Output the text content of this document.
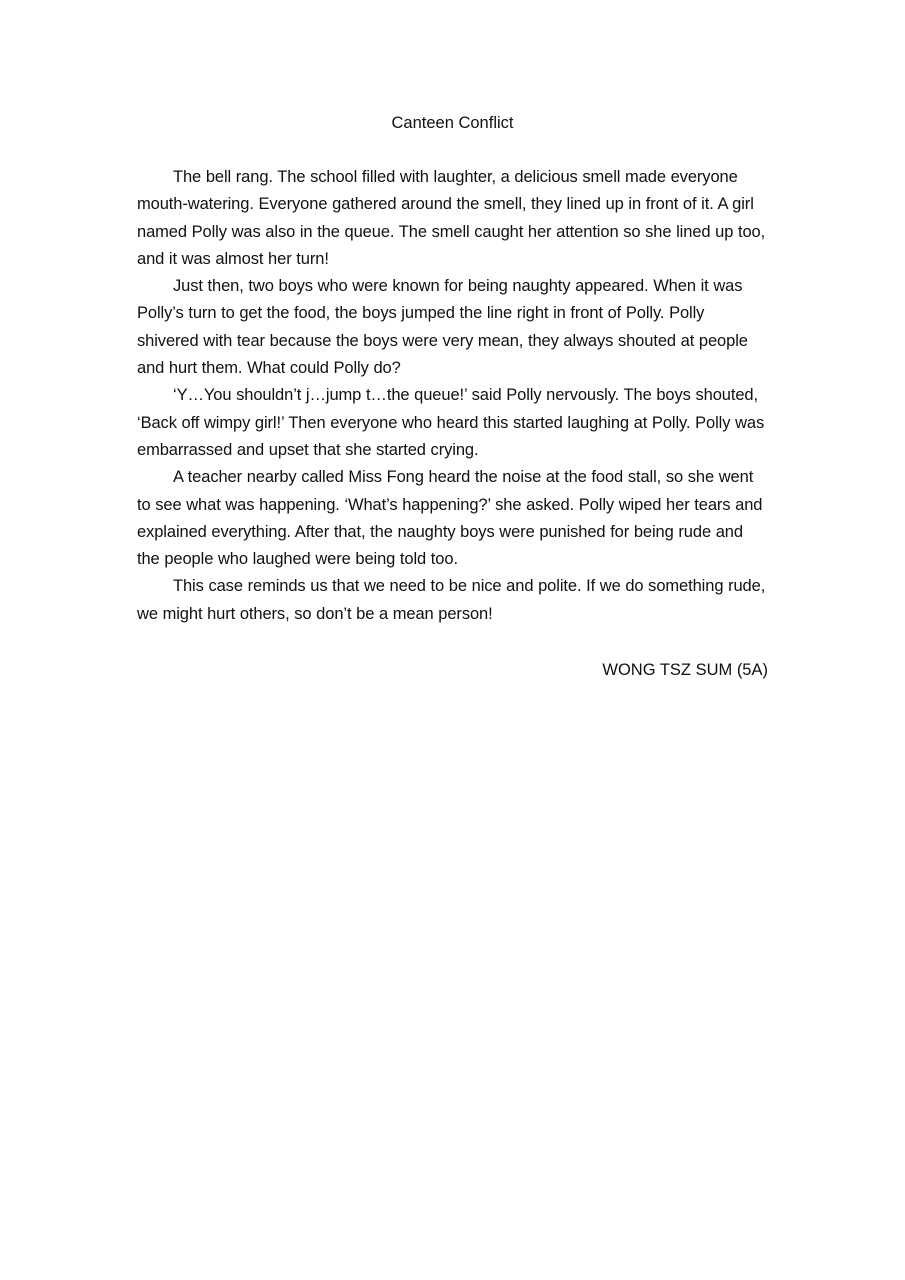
Canteen Conflict

The bell rang. The school filled with laughter, a delicious smell made everyone mouth-watering. Everyone gathered around the smell, they lined up in front of it. A girl named Polly was also in the queue. The smell caught her attention so she lined up too, and it was almost her turn!

Just then, two boys who were known for being naughty appeared. When it was Polly’s turn to get the food, the boys jumped the line right in front of Polly. Polly shivered with tear because the boys were very mean, they always shouted at people and hurt them. What could Polly do?

‘Y…You shouldn’t j…jump t…the queue!’ said Polly nervously. The boys shouted, ‘Back off wimpy girl!’ Then everyone who heard this started laughing at Polly. Polly was embarrassed and upset that she started crying.

A teacher nearby called Miss Fong heard the noise at the food stall, so she went to see what was happening. ‘What’s happening?’ she asked. Polly wiped her tears and explained everything. After that, the naughty boys were punished for being rude and the people who laughed were being told too.

This case reminds us that we need to be nice and polite. If we do something rude, we might hurt others, so don’t be a mean person!

WONG TSZ SUM (5A)
